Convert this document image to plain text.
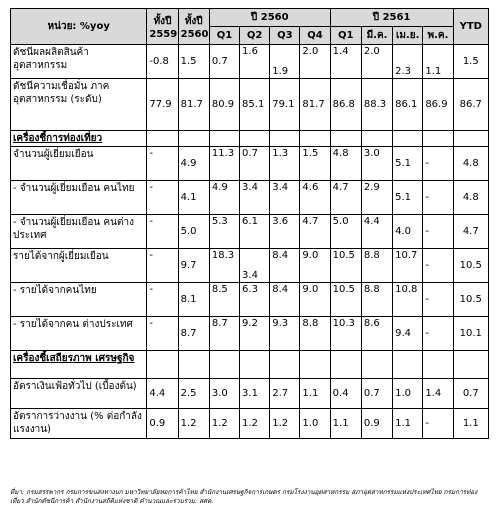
หน่วย: %yoy	ทั้งปี 2559	ทั้งปี 2560	ปี 2560				ปี 2561				YTD
			Q1	Q2	Q3	Q4	Q1	มี.ค.	เม.ย.	พ.ค.	
ดัชนีผลผลิตสินค้า อุตสาหกรรม	-0.8	1.5	0.7	1.6	1.9	2.0	1.4	2.0	2.3	1.1	1.5
ดัชนีความเชื่อมั่น ภาคอุตสาหกรรม (ระดับ)	77.9	81.7	80.9	85.1	79.1	81.7	86.8	88.3	86.1	86.9	86.7
เครื่องชี้การท่องเที่ยว											
จำนวนผู้เยี่ยมเยือน	-	4.9	11.3	0.7	1.3	1.5	4.8	3.0	5.1	-	4.8
- จำนวนผู้เยี่ยมเยือน คนไทย	-	4.1	4.9	3.4	3.4	4.6	4.7	2.9	5.1	-	4.8
- จำนวนผู้เยี่ยมเยือน คนต่างประเทศ	-	5.0	5.3	6.1	3.6	4.7	5.0	4.4	4.0	-	4.7
รายได้จากผู้เยี่ยมเยือน	-	9.7	18.3	3.4	8.4	9.0	10.5	8.8	10.7	-	10.5
- รายได้จากคนไทย	-	8.1	8.5	6.3	8.4	9.0	10.5	8.8	10.8	-	10.5
- รายได้จากคน ต่างประเทศ	-	8.7	8.7	9.2	9.3	8.8	10.3	8.6	9.4	-	10.1
เครื่องชี้เสถียรภาพ เศรษฐกิจ											
อัตราเงินเฟ้อทั่วไป (เบื้องต้น)	4.4	2.5	3.0	3.1	2.7	1.1	0.4	0.7	1.0	1.4	0.7
อัตราการว่างงาน (% ต่อกำลังแรงงาน)	0.9	1.2	1.2	1.2	1.2	1.0	1.1	0.9	1.1	-	1.1
ที่มา: กรมสรรพากร กรมการขนส่งทางบก มหาวิทยาลัยหอการค้าไทย สำนักงานเศรษฐกิจการเกษตร กรมโรงงานอุตสาหกรรม สภาอุตสาหกรรมแห่งประเทศไทย กรมการท่องเที่ยว สำนักดัชนีการค้า สำนักงานสถิติแห่งชาติ คำนวณและรวบรวม: สศค.
